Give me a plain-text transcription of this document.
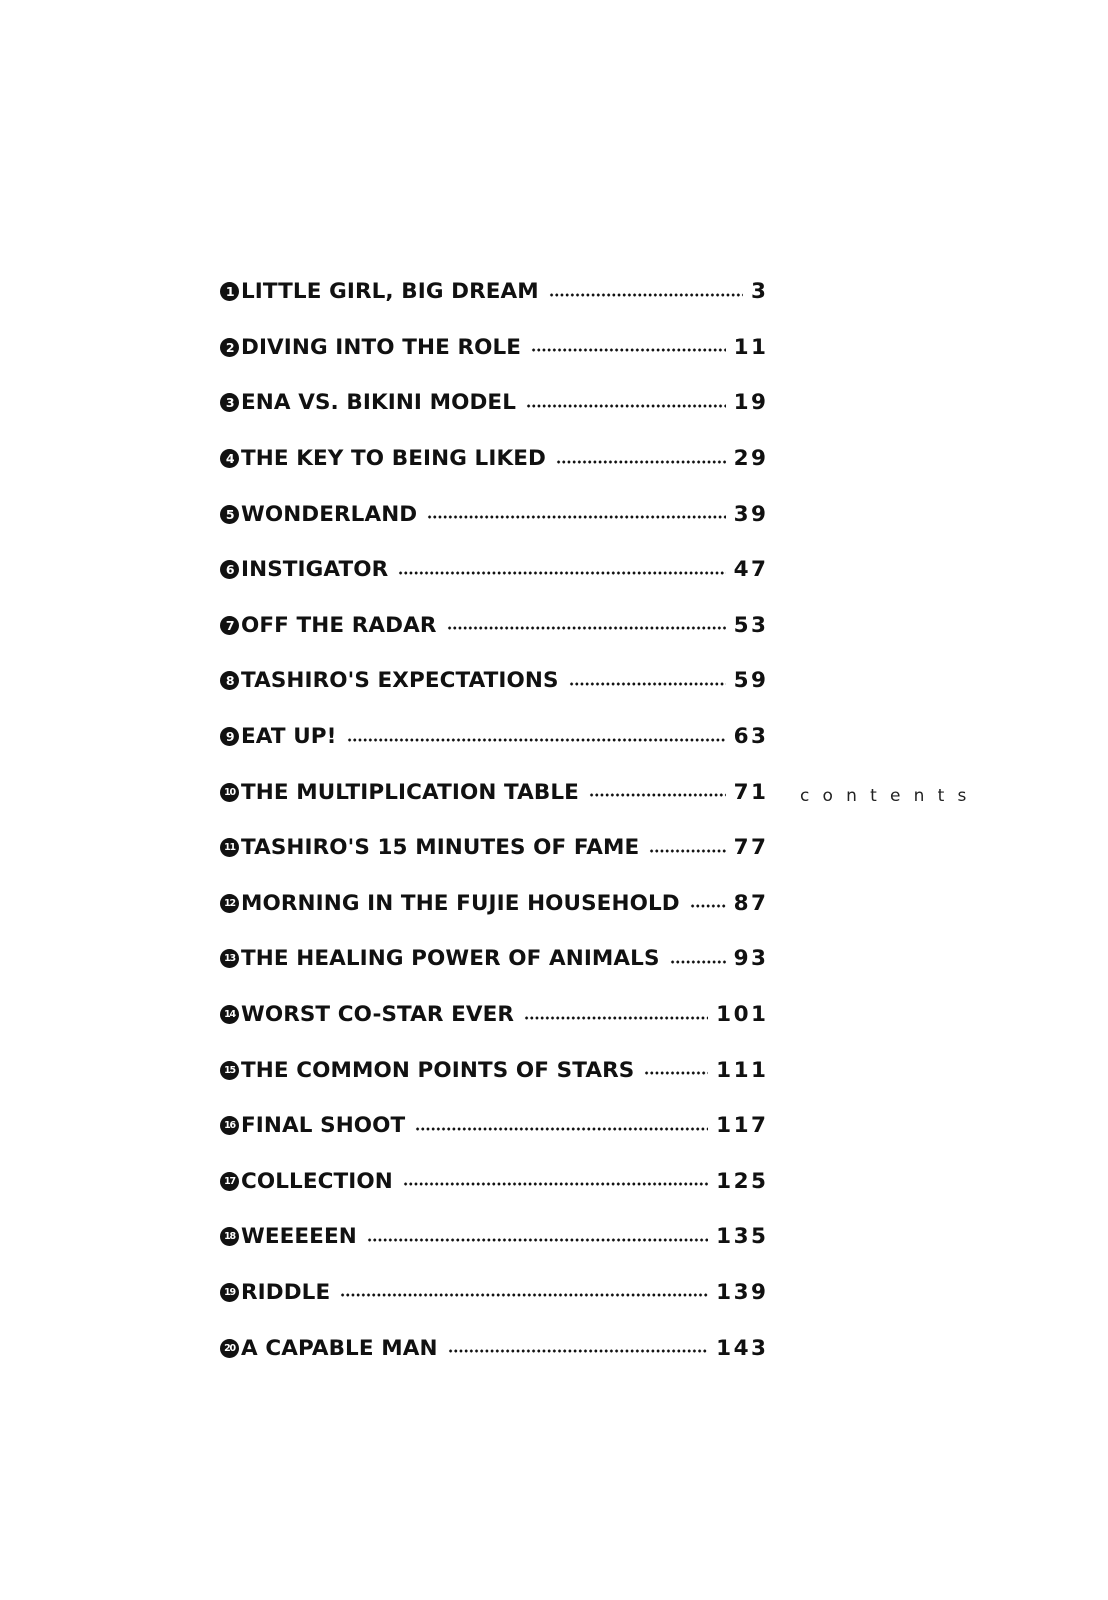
1 LITTLE GIRL, BIG DREAM	3
2 DIVING INTO THE ROLE	11
3 ENA VS. BIKINI MODEL	19
4 THE KEY TO BEING LIKED	29
5 WONDERLAND	39
6 INSTIGATOR	47
7 OFF THE RADAR	53
8 TASHIRO'S EXPECTATIONS	59
9 EAT UP!	63
10 THE MULTIPLICATION TABLE	71
11 TASHIRO'S 15 MINUTES OF FAME	77
12 MORNING IN THE FUJIE HOUSEHOLD	87
13 THE HEALING POWER OF ANIMALS	93
14 WORST CO-STAR EVER	101
15 THE COMMON POINTS OF STARS	111
16 FINAL SHOOT	117
17 COLLECTION	125
18 WEEEEEN	135
19 RIDDLE	139
20 A CAPABLE MAN	143
contents
